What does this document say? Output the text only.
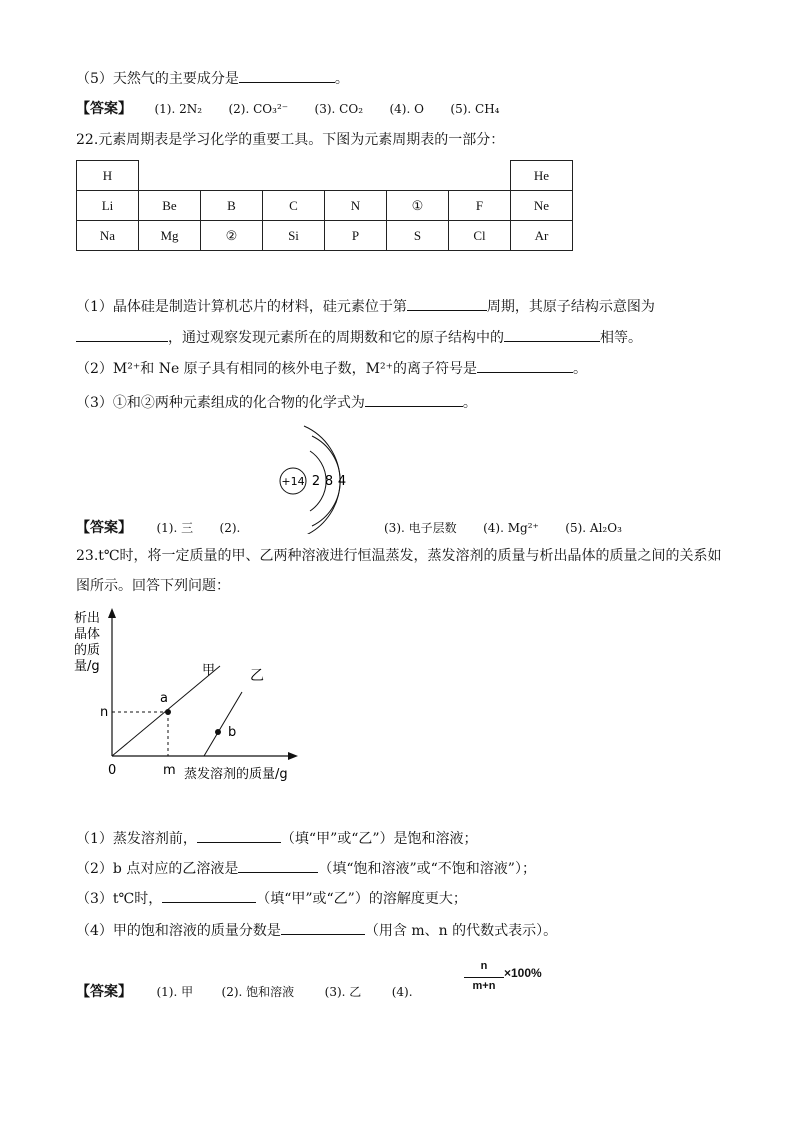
（5）天然气的主要成分是	。
【答案】 (1). 2N₂ (2). CO₃²⁻ (3). CO₂ (4). O (5). CH₄
22.元素周期表是学习化学的重要工具。下图为元素周期表的一部分：
H							He
Li	Be	B	C	N	①	F	Ne
Na	Mg	②	Si	P	S	Cl	Ar
（1）晶体硅是制造计算机芯片的材料，硅元素位于第	周期，其原子结构示意图为
，通过观察发现元素所在的周期数和它的原子结构中的	相等。
（2）M²⁺和 Ne 原子具有相同的核外电子数，M²⁺的离子符号是	。
（3）①和②两种元素组成的化合物的化学式为	。
+14 2 8 4
【答案】 (1). 三 (2).	(3). 电子层数 (4). Mg²⁺ (5). Al₂O₃
23.t℃时，将一定质量的甲、乙两种溶液进行恒温蒸发，蒸发溶剂的质量与析出晶体的质量之间的关系如
图所示。回答下列问题：
析出
晶体
的质
量/g	甲
a
乙
b
n
0	m 蒸发溶剂的质量/g
（1）蒸发溶剂前，	（填“甲”或“乙”）是饱和溶液；
（2）b 点对应的乙溶液是	（填“饱和溶液”或“不饱和溶液”）；
（3）t℃时，	（填“甲”或“乙”）的溶解度更大；
（4）甲的饱和溶液的质量分数是	（用含 m、n 的代数式表示）。
【答案】 (1). 甲 (2). 饱和溶液	(3). 乙	(4).
n
m+n
×100%
